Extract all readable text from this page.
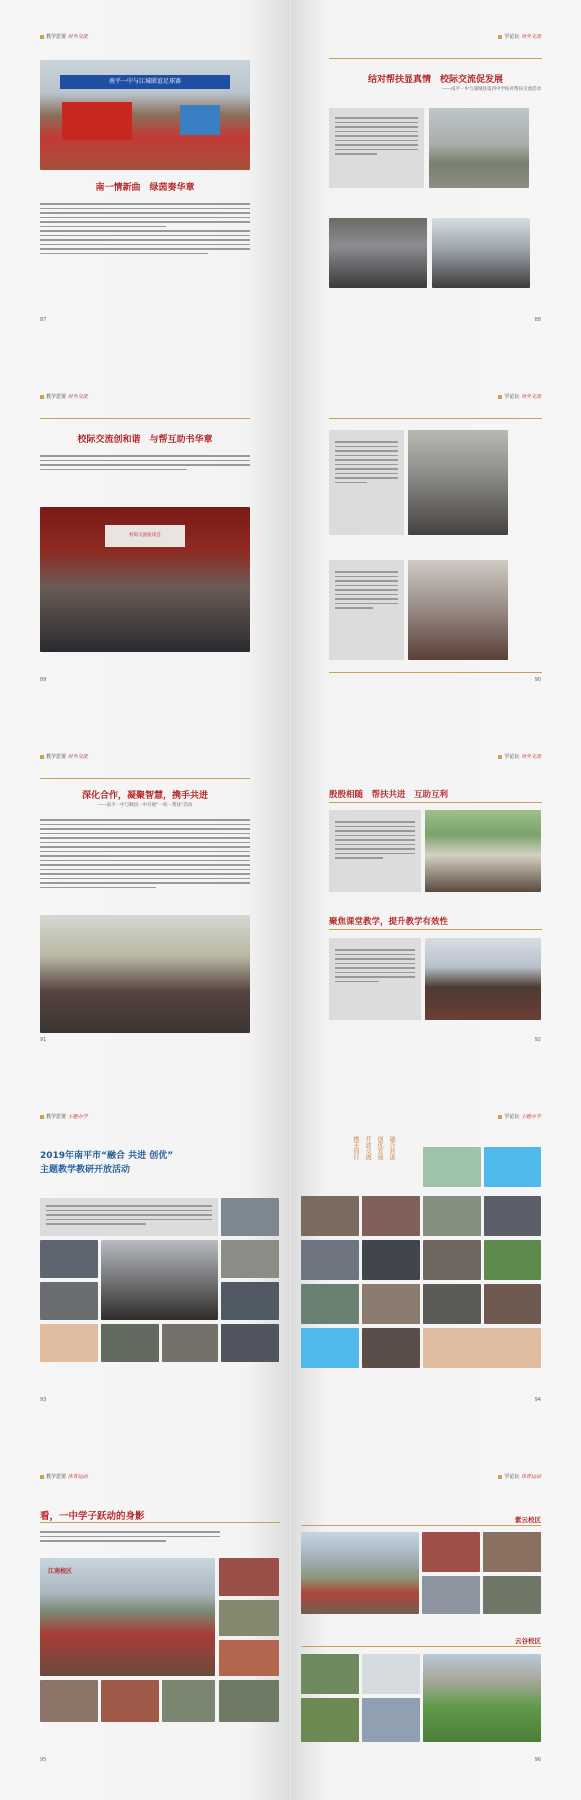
教学思要 对外交流
南平一中与江城联谊足球赛
南一情新曲　绿茵奏华章
87
学论坛 对外交流
结对帮扶显真情　校际交流促发展
——南平一中与浦城县第四中学结对帮扶交流活动
88
教学思要 对外交流
校际交流创和谐　与帮互助书华章
校际交流座谈会
89
学论坛 对外交流
90
教学思要 对外交流
深化合作，凝聚智慧，携手共进
——南平一中与顺昌一中开展“一校一帮扶”活动
91
学论坛 对外交流
殷殷相随　帮扶共进　互助互利
聚焦课堂教学，提升教学有效性
92
教学思要 主题办学
2019年南平市“融合 共进 创优”
主题教学教研开放活动
93
学论坛 主题办学
融合共进
创优发展
开放交流
携手同行
94
教学思要 体育运动
看，一中学子跃动的身影
江南校区
95
学论坛 体育运动
紫云校区
云谷校区
96
